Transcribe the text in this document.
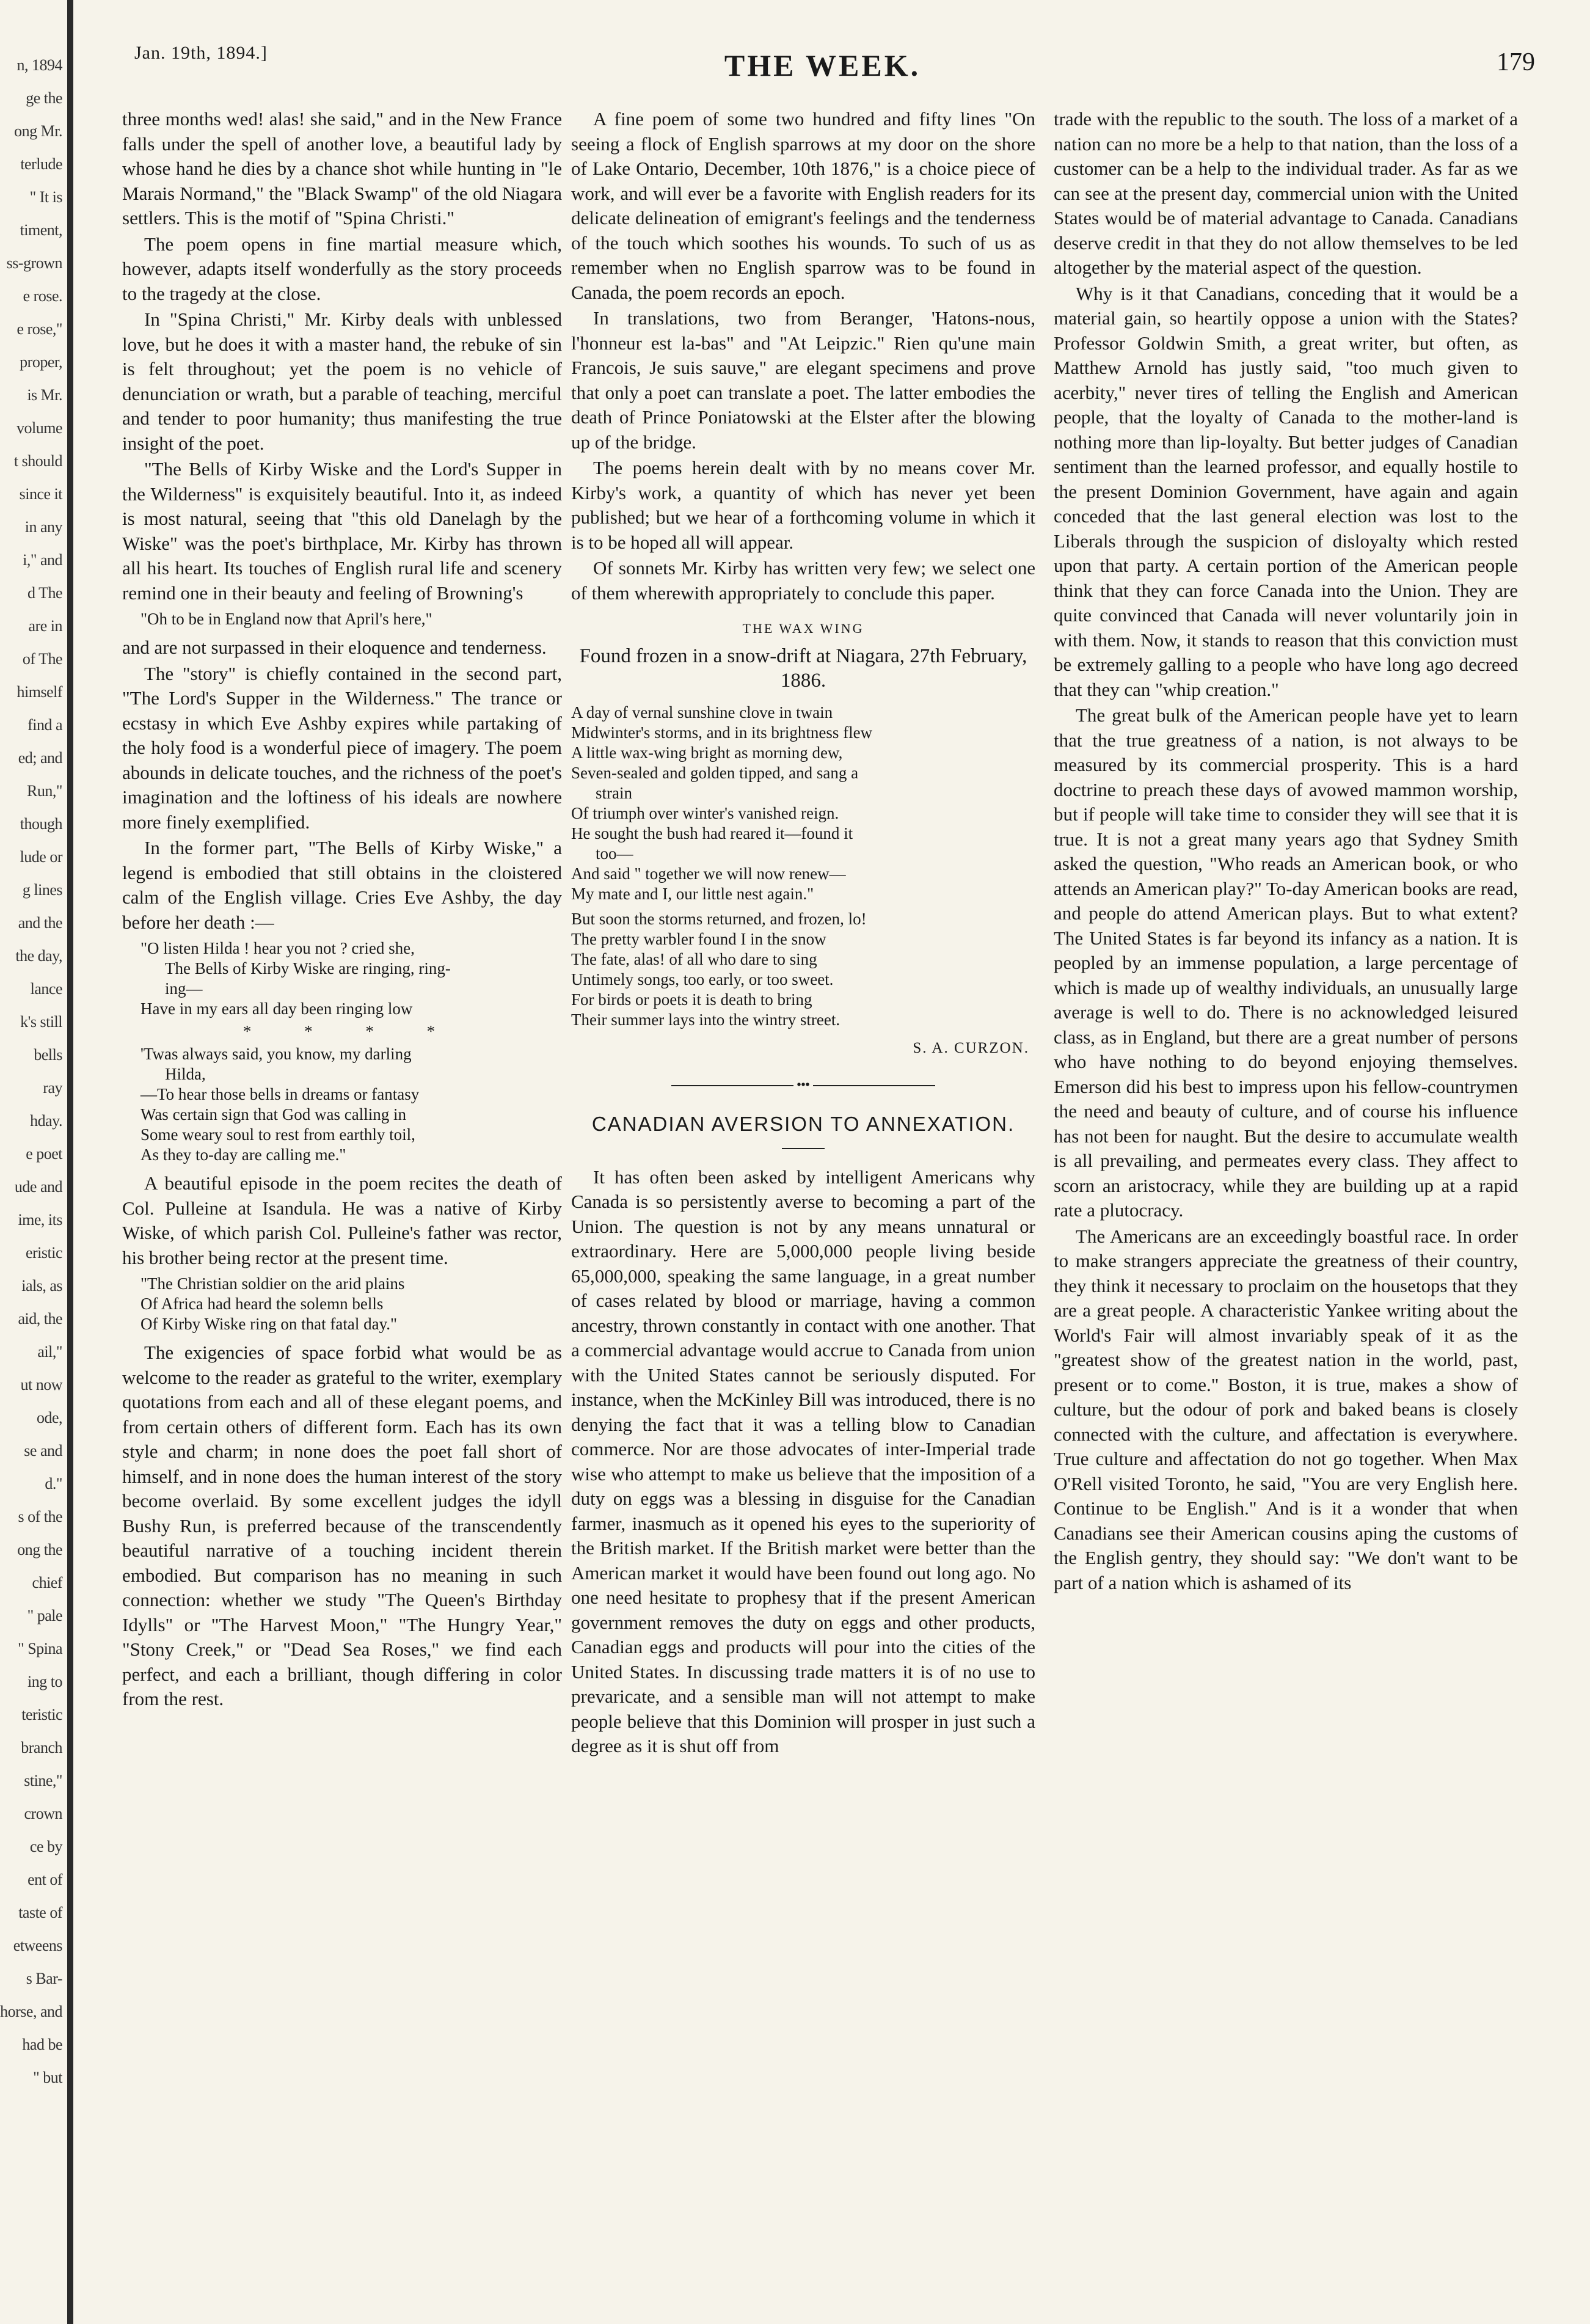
n, 1894
ge the
ong Mr.
terlude
" It is
timent,
ss-grown
e rose.
e rose,"
proper,
is Mr.
volume
t should
since it
in any
i," and
d The
are in
of The
himself
find a
ed; and
Run,"
though
lude or
g lines
and the
the day,
lance
k's still
bells
ray
hday.
e poet
ude and
ime, its
eristic
ials, as
aid, the
ail,"
ut now
ode,
se and
d."
s of the
ong the
chief
" pale
" Spina
ing to
teristic
branch
stine,"
crown
ce by
ent of
taste of
etweens
s Bar-
horse, and
had be
" but
Jan. 19th, 1894.]	THE WEEK.	179

three months wed! alas! she said," and in the New France falls under the spell of another love, a beautiful lady by whose hand he dies by a chance shot while hunting in "le Marais Normand," the "Black Swamp" of the old Niagara settlers. This is the motif of "Spina Christi."

The poem opens in fine martial measure which, however, adapts itself wonderfully as the story proceeds to the tragedy at the close.

In "Spina Christi," Mr. Kirby deals with unblessed love, but he does it with a master hand, the rebuke of sin is felt throughout; yet the poem is no vehicle of denunciation or wrath, but a parable of teaching, merciful and tender to poor humanity; thus manifesting the true insight of the poet.

"The Bells of Kirby Wiske and the Lord's Supper in the Wilderness" is exquisitely beautiful. Into it, as indeed is most natural, seeing that "this old Danelagh by the Wiske" was the poet's birthplace, Mr. Kirby has thrown all his heart. Its touches of English rural life and scenery remind one in their beauty and feeling of Browning's

"Oh to be in England now that April's here,"

and are not surpassed in their eloquence and tenderness.

The "story" is chiefly contained in the second part, "The Lord's Supper in the Wilderness." The trance or ecstasy in which Eve Ashby expires while partaking of the holy food is a wonderful piece of imagery. The poem abounds in delicate touches, and the richness of the poet's imagination and the loftiness of his ideals are nowhere more finely exemplified.

In the former part, "The Bells of Kirby Wiske," a legend is embodied that still obtains in the cloistered calm of the English village. Cries Eve Ashby, the day before her death :—

"O listen Hilda ! hear you not ? cried she,
The Bells of Kirby Wiske are ringing, ring-
ing—
Have in my ears all day been ringing low
* * * *
'Twas always said, you know, my darling
Hilda,
—To hear those bells in dreams or fantasy
Was certain sign that God was calling in
Some weary soul to rest from earthly toil,
As they to-day are calling me."

A beautiful episode in the poem recites the death of Col. Pulleine at Isandula. He was a native of Kirby Wiske, of which parish Col. Pulleine's father was rector, his brother being rector at the present time.

"The Christian soldier on the arid plains
Of Africa had heard the solemn bells
Of Kirby Wiske ring on that fatal day."

The exigencies of space forbid what would be as welcome to the reader as grateful to the writer, exemplary quotations from each and all of these elegant poems, and from certain others of different form. Each has its own style and charm; in none does the poet fall short of himself, and in none does the human interest of the story become overlaid. By some excellent judges the idyll Bushy Run, is preferred because of the transcendently beautiful narrative of a touching incident therein embodied. But comparison has no meaning in such connection: whether we study "The Queen's Birthday Idylls" or "The Harvest Moon," "The Hungry Year," "Stony Creek," or "Dead Sea Roses," we find each perfect, and each a brilliant, though differing in color from the rest.

A fine poem of some two hundred and fifty lines "On seeing a flock of English sparrows at my door on the shore of Lake Ontario, December, 10th 1876," is a choice piece of work, and will ever be a favorite with English readers for its delicate delineation of emigrant's feelings and the tenderness of the touch which soothes his wounds. To such of us as remember when no English sparrow was to be found in Canada, the poem records an epoch.

In translations, two from Beranger, 'Hatons-nous, l'honneur est la-bas" and "At Leipzic." Rien qu'une main Francois, Je suis sauve," are elegant specimens and prove that only a poet can translate a poet. The latter embodies the death of Prince Poniatowski at the Elster after the blowing up of the bridge.

The poems herein dealt with by no means cover Mr. Kirby's work, a quantity of which has never yet been published; but we hear of a forthcoming volume in which it is to be hoped all will appear.

Of sonnets Mr. Kirby has written very few; we select one of them wherewith appropriately to conclude this paper.

THE WAX WING
Found frozen in a snow-drift at Niagara, 27th February, 1886.
A day of vernal sunshine clove in twain
Midwinter's storms, and in its brightness flew
A little wax-wing bright as morning dew,
Seven-sealed and golden tipped, and sang a
strain
Of triumph over winter's vanished reign.
He sought the bush had reared it—found it
too—
And said " together we will now renew—
My mate and I, our little nest again."
But soon the storms returned, and frozen, lo!
The pretty warbler found I in the snow
The fate, alas! of all who dare to sing
Untimely songs, too early, or too sweet.
For birds or poets it is death to bring
Their summer lays into the wintry street.
S. A. CURZON.
•••
CANADIAN AVERSION TO ANNEXATION.

It has often been asked by intelligent Americans why Canada is so persistently averse to becoming a part of the Union. The question is not by any means unnatural or extraordinary. Here are 5,000,000 people living beside 65,000,000, speaking the same language, in a great number of cases related by blood or marriage, having a common ancestry, thrown constantly in contact with one another. That a commercial advantage would accrue to Canada from union with the United States cannot be seriously disputed. For instance, when the McKinley Bill was introduced, there is no denying the fact that it was a telling blow to Canadian commerce. Nor are those advocates of inter-Imperial trade wise who attempt to make us believe that the imposition of a duty on eggs was a blessing in disguise for the Canadian farmer, inasmuch as it opened his eyes to the superiority of the British market. If the British market were better than the American market it would have been found out long ago. No one need hesitate to prophesy that if the present American government removes the duty on eggs and other products, Canadian eggs and products will pour into the cities of the United States. In discussing trade matters it is of no use to prevaricate, and a sensible man will not attempt to make people believe that this Dominion will prosper in just such a degree as it is shut off from

trade with the republic to the south. The loss of a market of a nation can no more be a help to that nation, than the loss of a customer can be a help to the individual trader. As far as we can see at the present day, commercial union with the United States would be of material advantage to Canada. Canadians deserve credit in that they do not allow themselves to be led altogether by the material aspect of the question.

Why is it that Canadians, conceding that it would be a material gain, so heartily oppose a union with the States? Professor Goldwin Smith, a great writer, but often, as Matthew Arnold has justly said, "too much given to acerbity," never tires of telling the English and American people, that the loyalty of Canada to the mother-land is nothing more than lip-loyalty. But better judges of Canadian sentiment than the learned professor, and equally hostile to the present Dominion Government, have again and again conceded that the last general election was lost to the Liberals through the suspicion of disloyalty which rested upon that party. A certain portion of the American people think that they can force Canada into the Union. They are quite convinced that Canada will never voluntarily join in with them. Now, it stands to reason that this conviction must be extremely galling to a people who have long ago decreed that they can "whip creation."

The great bulk of the American people have yet to learn that the true greatness of a nation, is not always to be measured by its commercial prosperity. This is a hard doctrine to preach these days of avowed mammon worship, but if people will take time to consider they will see that it is true. It is not a great many years ago that Sydney Smith asked the question, "Who reads an American book, or who attends an American play?" To-day American books are read, and people do attend American plays. But to what extent? The United States is far beyond its infancy as a nation. It is peopled by an immense population, a large percentage of which is made up of wealthy individuals, an unusually large average is well to do. There is no acknowledged leisured class, as in England, but there are a great number of persons who have nothing to do beyond enjoying themselves. Emerson did his best to impress upon his fellow-countrymen the need and beauty of culture, and of course his influence has not been for naught. But the desire to accumulate wealth is all prevailing, and permeates every class. They affect to scorn an aristocracy, while they are building up at a rapid rate a plutocracy.

The Americans are an exceedingly boastful race. In order to make strangers appreciate the greatness of their country, they think it necessary to proclaim on the housetops that they are a great people. A characteristic Yankee writing about the World's Fair will almost invariably speak of it as the "greatest show of the greatest nation in the world, past, present or to come." Boston, it is true, makes a show of culture, but the odour of pork and baked beans is closely connected with the culture, and affectation is everywhere. True culture and affectation do not go together. When Max O'Rell visited Toronto, he said, "You are very English here. Continue to be English." And is it a wonder that when Canadians see their American cousins aping the customs of the English gentry, they should say: "We don't want to be part of a nation which is ashamed of its
